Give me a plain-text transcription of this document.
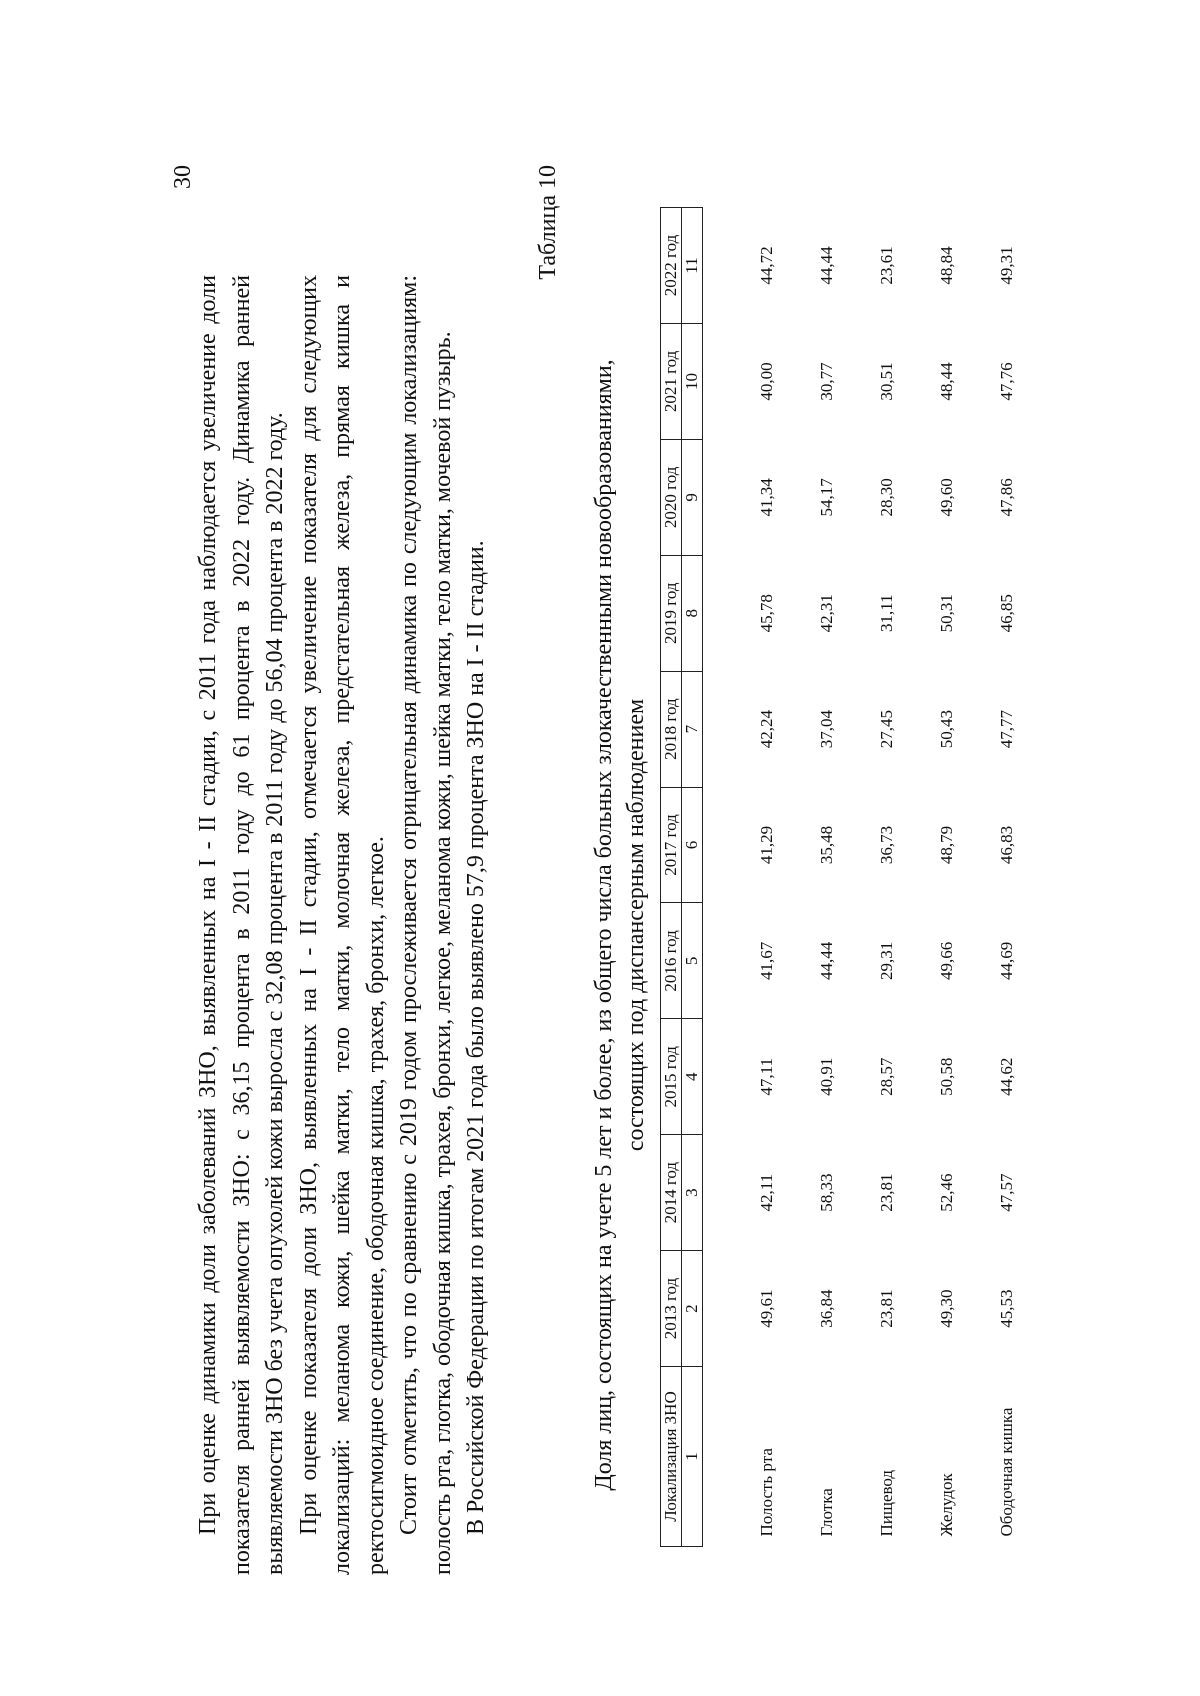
30

При оценке динамики доли заболеваний ЗНО, выявленных на I - II стадии, с 2011 года наблюдается увеличение доли показателя ранней выявляемости ЗНО: с 36,15 процента в 2011 году до 61 процента в 2022 году. Динамика ранней выявляемости ЗНО без учета опухолей кожи выросла с 32,08 процента в 2011 году до 56,04 процента в 2022 году. При оценке показателя доли ЗНО, выявленных на I - II стадии, отмечается увеличение показателя для следующих локализаций: меланома кожи, шейка матки, тело матки, молочная железа, предстательная железа, прямая кишка и ректосигмоидное соединение, ободочная кишка, трахея, бронхи, легкое. Стоит отметить, что по сравнению с 2019 годом прослеживается отрицательная динамика по следующим локализациям: полость рта, глотка, ободочная кишка, трахея, бронхи, легкое, меланома кожи, шейка матки, тело матки, мочевой пузырь. В Российской Федерации по итогам 2021 года было выявлено 57,9 процента ЗНО на I - II стадии.

Таблица 10
Доля лиц, состоящих на учете 5 лет и более, из общего числа больных злокачественными новообразованиями, состоящих под диспансерным наблюдением
Локализация ЗНО	2013 год	2014 год	2015 год	2016 год	2017 год	2018 год	2019 год	2020 год	2021 год	2022 год
1	2	3	4	5	6	7	8	9	10	11

Полость рта	49,61	42,11	47,11	41,67	41,29	42,24	45,78	41,34	40,00	44,72
Глотка	36,84	58,33	40,91	44,44	35,48	37,04	42,31	54,17	30,77	44,44
Пищевод	23,81	23,81	28,57	29,31	36,73	27,45	31,11	28,30	30,51	23,61
Желудок	49,30	52,46	50,58	49,66	48,79	50,43	50,31	49,60	48,44	48,84
Ободочная кишка	45,53	47,57	44,62	44,69	46,83	47,77	46,85	47,86	47,76	49,31
